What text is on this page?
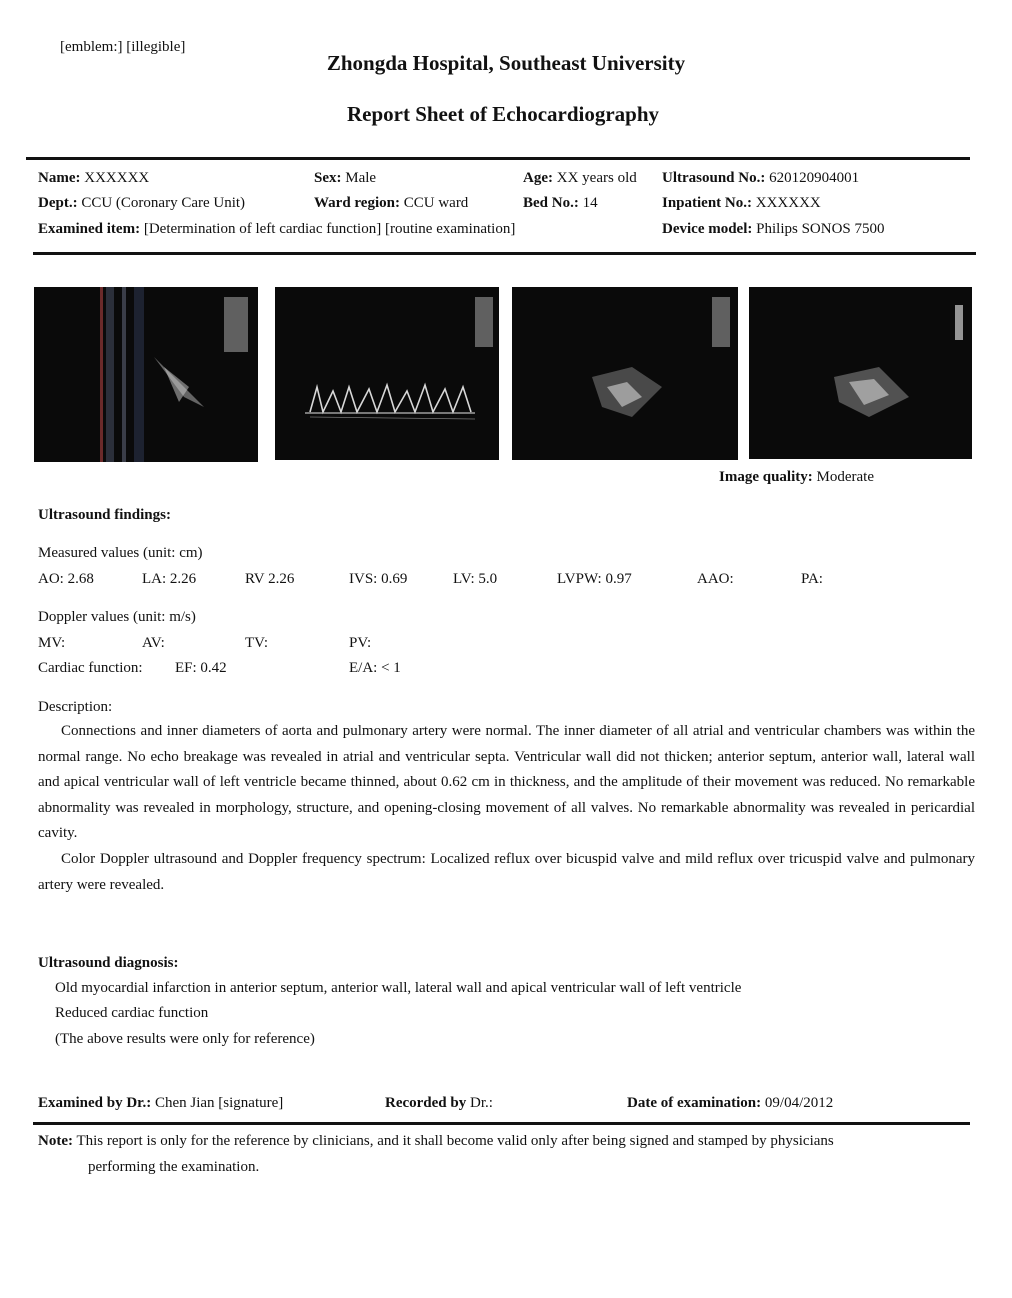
[emblem:] [illegible]
Zhongda Hospital, Southeast University
Report Sheet of Echocardiography
Name: XXXXXX	Sex: Male	Age: XX years old Ultrasound No.: 620120904001
Dept.: CCU (Coronary Care Unit)	Ward region: CCU ward	Bed No.: 14	Inpatient No.: XXXXXX
Examined item: [Determination of left cardiac function] [routine examination]	Device model: Philips SONOS 7500
Image quality: Moderate
Ultrasound findings:
Measured values (unit: cm)
AO: 2.68	LA: 2.26	RV 2.26	IVS: 0.69	LV: 5.0	LVPW: 0.97	AAO:	PA:
Doppler values (unit: m/s)
MV:	AV:	TV:	PV:
Cardiac function: EF: 0.42	E/A: < 1
Description:

Connections and inner diameters of aorta and pulmonary artery were normal. The inner diameter of all atrial and ventricular chambers was within the normal range. No echo breakage was revealed in atrial and ventricular septa. Ventricular wall did not thicken; anterior septum, anterior wall, lateral wall and apical ventricular wall of left ventricle became thinned, about 0.62 cm in thickness, and the amplitude of their movement was reduced. No remarkable abnormality was revealed in morphology, structure, and opening-closing movement of all valves. No remarkable abnormality was revealed in pericardial cavity.

Color Doppler ultrasound and Doppler frequency spectrum: Localized reflux over bicuspid valve and mild reflux over tricuspid valve and pulmonary artery were revealed.

Ultrasound diagnosis:
Old myocardial infarction in anterior septum, anterior wall, lateral wall and apical ventricular wall of left ventricle
Reduced cardiac function
(The above results were only for reference)
Examined by Dr.: Chen Jian [signature]	Recorded by Dr.:	Date of examination: 09/04/2012
Note: This report is only for the reference by clinicians, and it shall become valid only after being signed and stamped by physicians
performing the examination.
